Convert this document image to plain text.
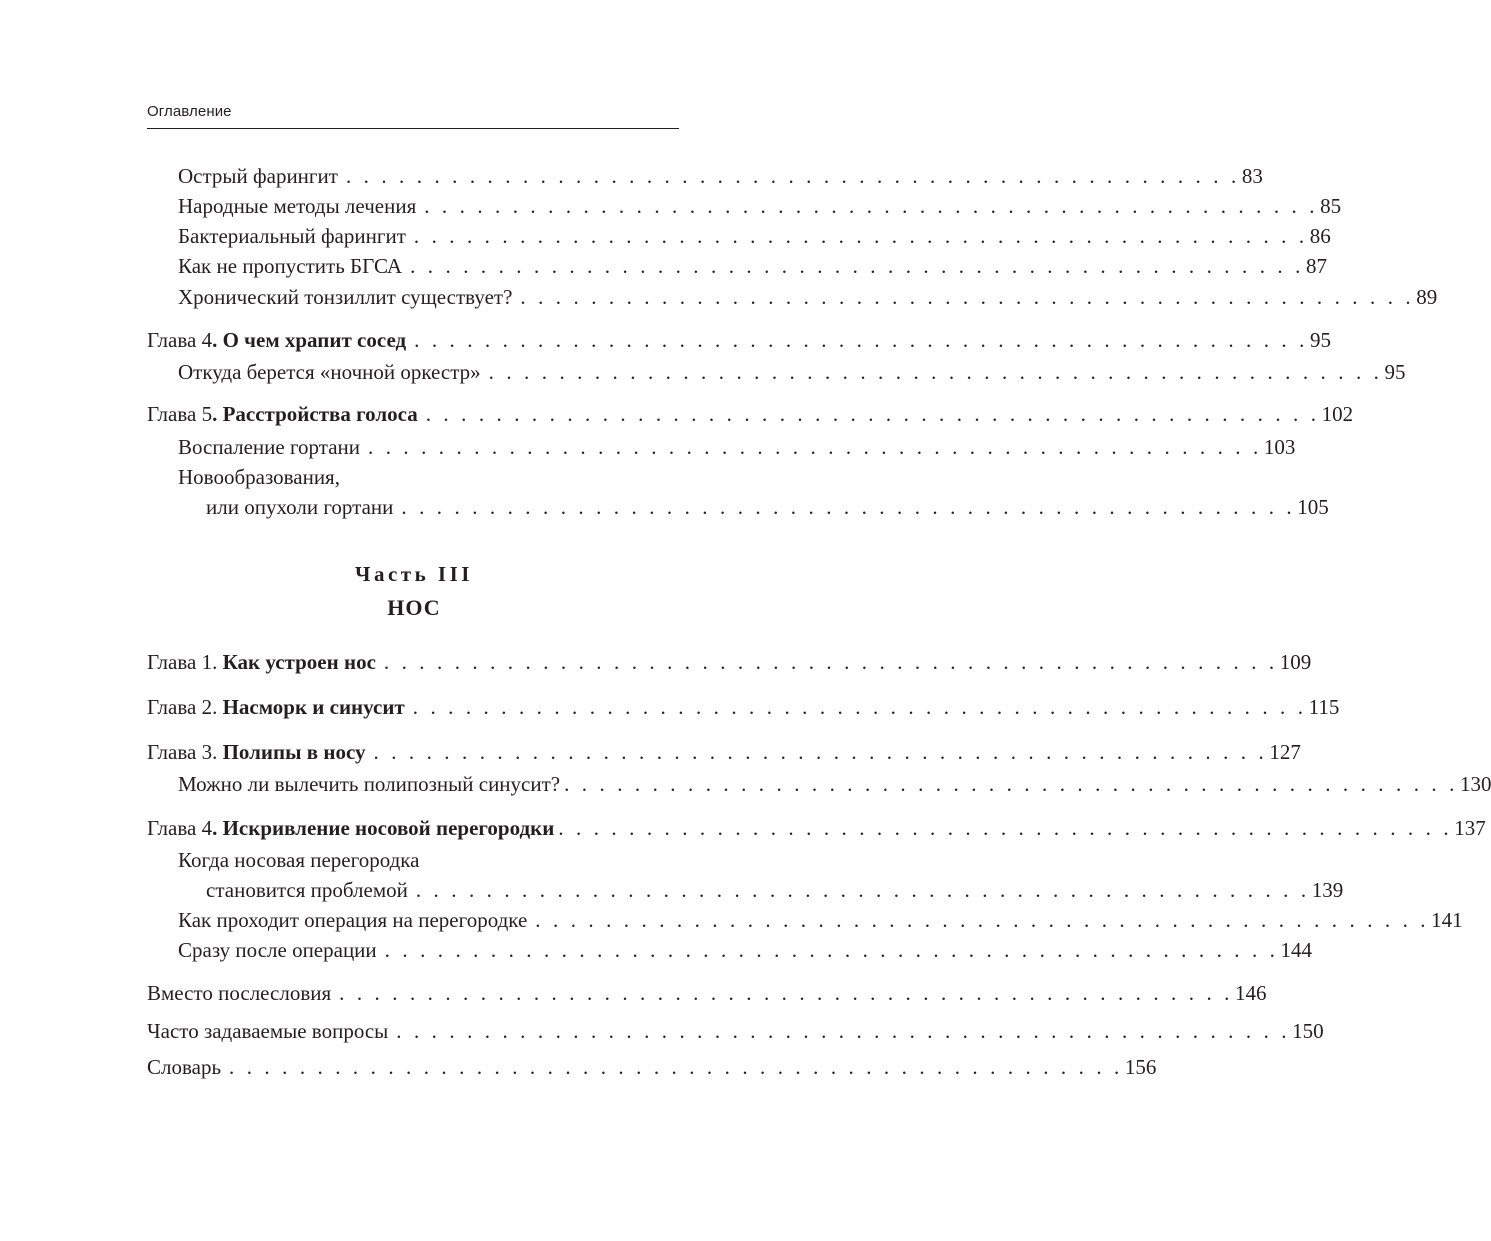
Оглавление
Острый фарингит . . . . . . . . . . . . . . . . . . . . . . . . . . . . . . . . . . . . . . . . . . . . . . . . . . . 83
Народные методы лечения . . . . . . . . . . . . . . . . . . . . . . . . . . . . . . . . . . . . . . . . . . . . . . . . . . . 85
Бактериальный фарингит . . . . . . . . . . . . . . . . . . . . . . . . . . . . . . . . . . . . . . . . . . . . . . . . . . . 86
Как не пропустить БГСА . . . . . . . . . . . . . . . . . . . . . . . . . . . . . . . . . . . . . . . . . . . . . . . . . . . 87
Хронический тонзиллит существует? . . . . . . . . . . . . . . . . . . . . . . . . . . . . . . . . . . . . . . . . . . . . . . . . . . . 89
Глава 4 . О чем храпит сосед . . . . . . . . . . . . . . . . . . . . . . . . . . . . . . . . . . . . . . . . . . . . . . . . . . . 95
Откуда берется «ночной оркестр» . . . . . . . . . . . . . . . . . . . . . . . . . . . . . . . . . . . . . . . . . . . . . . . . . . . 95
Глава 5 . Расстройства голоса . . . . . . . . . . . . . . . . . . . . . . . . . . . . . . . . . . . . . . . . . . . . . . . . . . . 102
Воспаление гортани . . . . . . . . . . . . . . . . . . . . . . . . . . . . . . . . . . . . . . . . . . . . . . . . . . . 103
Новообразования,
или опухоли гортани . . . . . . . . . . . . . . . . . . . . . . . . . . . . . . . . . . . . . . . . . . . . . . . . . . . 105
Часть III
НОС
Глава 1. Как устроен нос . . . . . . . . . . . . . . . . . . . . . . . . . . . . . . . . . . . . . . . . . . . . . . . . . . . 109
Глава 2. Насморк и синусит . . . . . . . . . . . . . . . . . . . . . . . . . . . . . . . . . . . . . . . . . . . . . . . . . . . 115
Глава 3. Полипы в носу . . . . . . . . . . . . . . . . . . . . . . . . . . . . . . . . . . . . . . . . . . . . . . . . . . . 127
Можно ли вылечить полипозный синусит? . . . . . . . . . . . . . . . . . . . . . . . . . . . . . . . . . . . . . . . . . . . . . . . . . . . 130
Глава 4 . Искривление носовой перегородки . . . . . . . . . . . . . . . . . . . . . . . . . . . . . . . . . . . . . . . . . . . . . . . . . . . 137
Когда носовая перегородка
становится проблемой . . . . . . . . . . . . . . . . . . . . . . . . . . . . . . . . . . . . . . . . . . . . . . . . . . . 139
Как проходит операция на перегородке . . . . . . . . . . . . . . . . . . . . . . . . . . . . . . . . . . . . . . . . . . . . . . . . . . . 141
Сразу после операции . . . . . . . . . . . . . . . . . . . . . . . . . . . . . . . . . . . . . . . . . . . . . . . . . . . 144
Вместо послесловия . . . . . . . . . . . . . . . . . . . . . . . . . . . . . . . . . . . . . . . . . . . . . . . . . . . 146
Часто задаваемые вопросы . . . . . . . . . . . . . . . . . . . . . . . . . . . . . . . . . . . . . . . . . . . . . . . . . . . 150
Словарь . . . . . . . . . . . . . . . . . . . . . . . . . . . . . . . . . . . . . . . . . . . . . . . . . . . 156
